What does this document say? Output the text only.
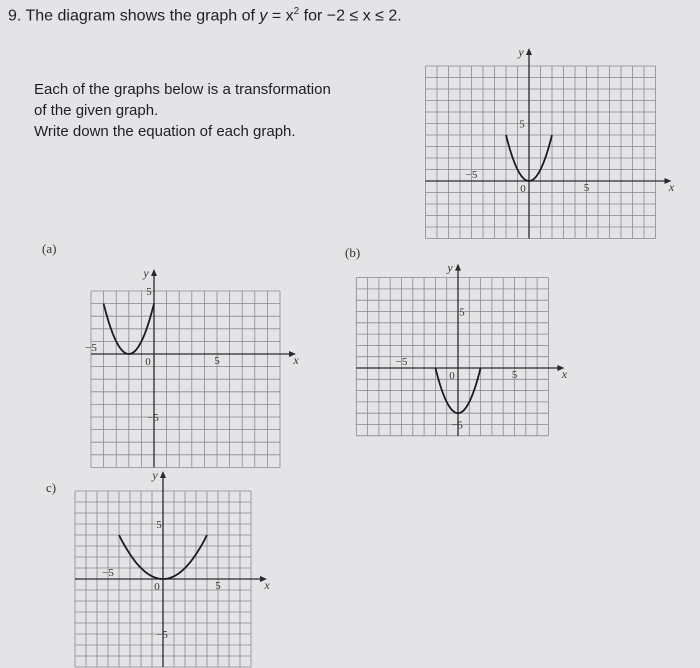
9. The diagram shows the graph of $y = x^2$ for −2 ≤ x ≤ 2.
Each of the graphs below is a transformation
of the given graph.
Write down the equation of each graph.
(a)	(b)
c)
x
y
−5
5
5
0
x
y
−5
5
5
−5
0
x
y
−5
5
5
−5
0
x
y
−5
5
5
−5
0
